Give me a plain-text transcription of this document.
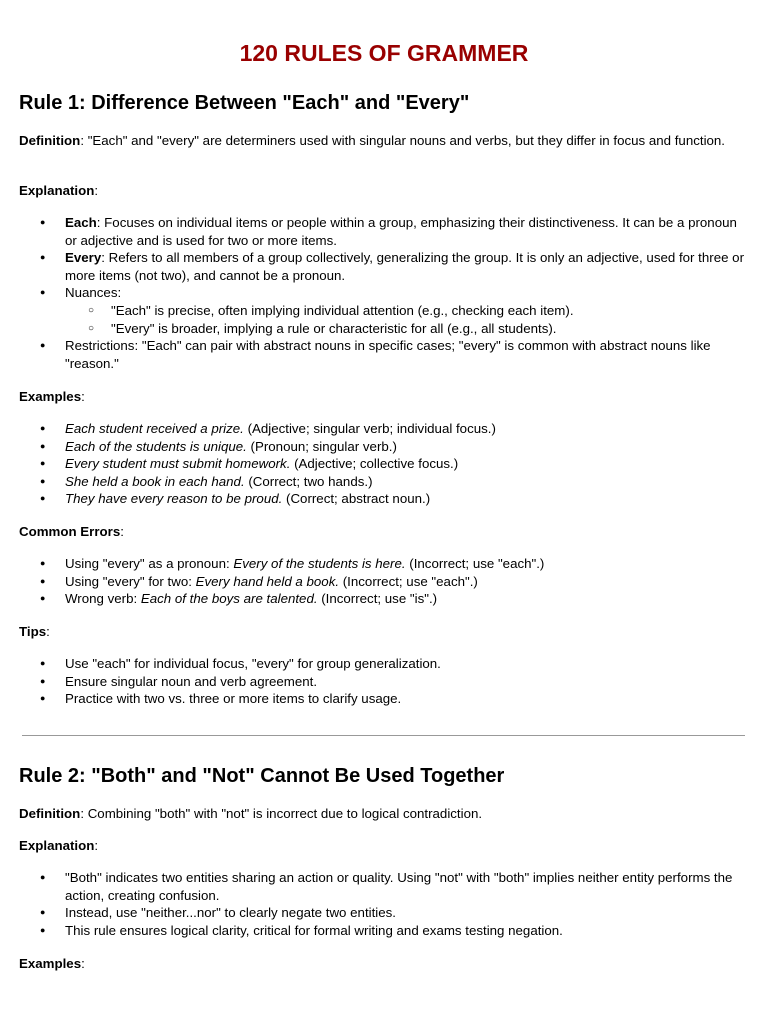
120 RULES OF GRAMMER
Rule 1: Difference Between "Each" and "Every"

Definition: "Each" and "every" are determiners used with singular nouns and verbs, but they differ in focus and function.

Explanation:

● Each: Focuses on individual items or people within a group, emphasizing their distinctiveness. It can be a pronoun or adjective and is used for two or more items.
● Every: Refers to all members of a group collectively, generalizing the group. It is only an adjective, used for three or more items (not two), and cannot be a pronoun.
● Nuances:
○ "Each" is precise, often implying individual attention (e.g., checking each item).
○ "Every" is broader, implying a rule or characteristic for all (e.g., all students).
● Restrictions: "Each" can pair with abstract nouns in specific cases; "every" is common with abstract nouns like "reason."

Examples:

● Each student received a prize. (Adjective; singular verb; individual focus.)
● Each of the students is unique. (Pronoun; singular verb.)
● Every student must submit homework. (Adjective; collective focus.)
● She held a book in each hand. (Correct; two hands.)
● They have every reason to be proud. (Correct; abstract noun.)

Common Errors:

● Using "every" as a pronoun: Every of the students is here. (Incorrect; use "each".)
● Using "every" for two: Every hand held a book. (Incorrect; use "each".)
● Wrong verb: Each of the boys are talented. (Incorrect; use "is".)

Tips:

● Use "each" for individual focus, "every" for group generalization.
● Ensure singular noun and verb agreement.
● Practice with two vs. three or more items to clarify usage.
Rule 2: "Both" and "Not" Cannot Be Used Together

Definition: Combining "both" with "not" is incorrect due to logical contradiction.

Explanation:

● "Both" indicates two entities sharing an action or quality. Using "not" with "both" implies neither entity performs the action, creating confusion.
● Instead, use "neither...nor" to clearly negate two entities.
● This rule ensures logical clarity, critical for formal writing and exams testing negation.

Examples:
